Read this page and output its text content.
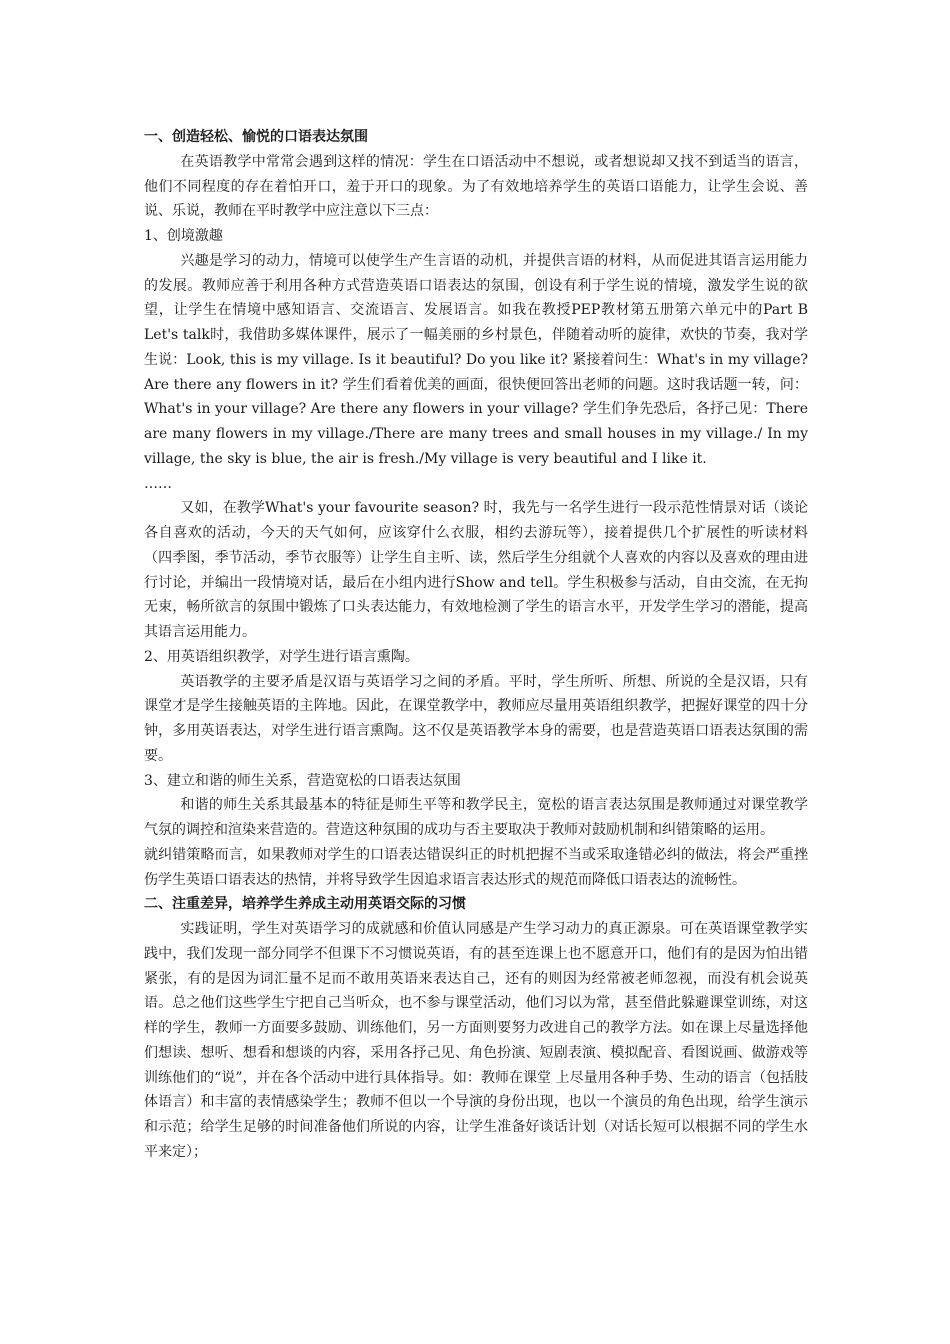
一、创造轻松、愉悦的口语表达氛围

在英语教学中常常会遇到这样的情况：学生在口语活动中不想说，或者想说却又找不到适当的语言，他们不同程度的存在着怕开口，羞于开口的现象。为了有效地培养学生的英语口语能力，让学生会说、善说、乐说，教师在平时教学中应注意以下三点：

1、创境激趣

兴趣是学习的动力，情境可以使学生产生言语的动机，并提供言语的材料，从而促进其语言运用能力的发展。教师应善于利用各种方式营造英语口语表达的氛围，创设有利于学生说的情境，激发学生说的欲望，让学生在情境中感知语言、交流语言、发展语言。如我在教授PEP教材第五册第六单元中的Part B Let's talk时，我借助多媒体课件，展示了一幅美丽的乡村景色，伴随着动听的旋律，欢快的节奏，我对学生说：Look, this is my village. Is it beautiful? Do you like it? 紧接着问生：What's in my village? Are there any flowers in it? 学生们看着优美的画面，很快便回答出老师的问题。这时我话题一转，问：What's in your village? Are there any flowers in your village? 学生们争先恐后，各抒己见：There are many flowers in my village./There are many trees and small houses in my village./ In my village, the sky is blue, the air is fresh./My village is very beautiful and I like it.

……

又如，在教学What's your favourite season? 时，我先与一名学生进行一段示范性情景对话（谈论各自喜欢的活动，今天的天气如何，应该穿什么衣服，相约去游玩等），接着提供几个扩展性的听读材料（四季图，季节活动，季节衣服等）让学生自主听、读，然后学生分组就个人喜欢的内容以及喜欢的理由进行讨论，并编出一段情境对话，最后在小组内进行Show and tell。学生积极参与活动，自由交流，在无拘无束，畅所欲言的氛围中锻炼了口头表达能力，有效地检测了学生的语言水平，开发学生学习的潜能，提高其语言运用能力。

2、用英语组织教学，对学生进行语言熏陶。

英语教学的主要矛盾是汉语与英语学习之间的矛盾。平时，学生所听、所想、所说的全是汉语，只有课堂才是学生接触英语的主阵地。因此，在课堂教学中，教师应尽量用英语组织教学，把握好课堂的四十分钟，多用英语表达，对学生进行语言熏陶。这不仅是英语教学本身的需要，也是营造英语口语表达氛围的需要。

3、建立和谐的师生关系，营造宽松的口语表达氛围

和谐的师生关系其最基本的特征是师生平等和教学民主，宽松的语言表达氛围是教师通过对课堂教学气氛的调控和渲染来营造的。营造这种氛围的成功与否主要取决于教师对鼓励机制和纠错策略的运用。

就纠错策略而言，如果教师对学生的口语表达错误纠正的时机把握不当或采取逢错必纠的做法，将会严重挫伤学生英语口语表达的热情，并将导致学生因追求语言表达形式的规范而降低口语表达的流畅性。

二、注重差异，培养学生养成主动用英语交际的习惯

实践证明，学生对英语学习的成就感和价值认同感是产生学习动力的真正源泉。可在英语课堂教学实践中，我们发现一部分同学不但课下不习惯说英语，有的甚至连课上也不愿意开口，他们有的是因为怕出错紧张，有的是因为词汇量不足而不敢用英语来表达自己，还有的则因为经常被老师忽视，而没有机会说英语。总之他们这些学生宁把自己当听众，也不参与课堂活动，他们习以为常，甚至借此躲避课堂训练，对这样的学生，教师一方面要多鼓励、训练他们，另一方面则要努力改进自己的教学方法。如在课上尽量选择他们想读、想听、想看和想谈的内容，采用各抒己见、角色扮演、短剧表演、模拟配音、看图说画、做游戏等训练他们的“说”，并在各个活动中进行具体指导。如：教师在课堂 上尽量用各种手势、生动的语言（包括肢体语言）和丰富的表情感染学生；教师不但以一个导演的身份出现，也以一个演员的角色出现，给学生演示和示范；给学生足够的时间准备他们所说的内容，让学生准备好谈话计划（对话长短可以根据不同的学生水平来定）；
